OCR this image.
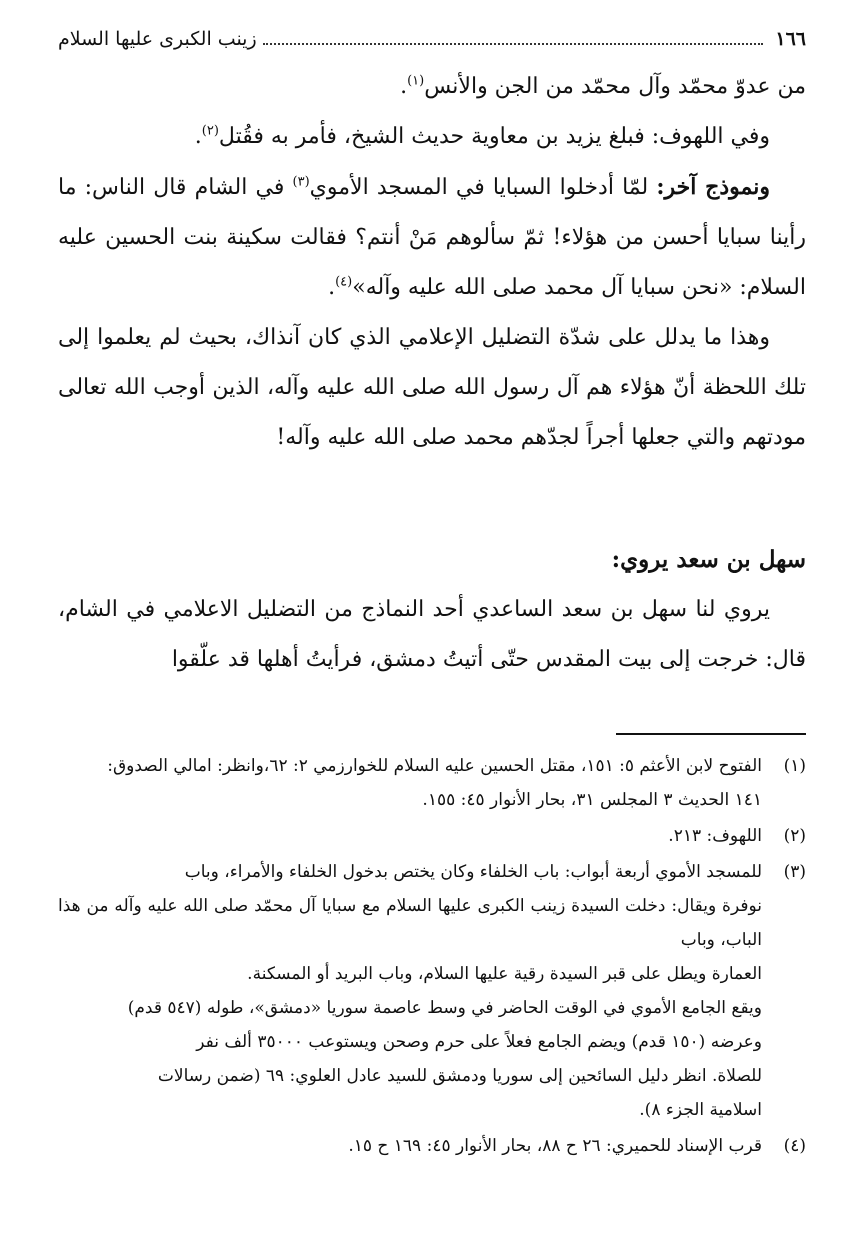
١٦٦
زينب الكبرى عليها السلام

من عدوّ محمّد وآل محمّد من الجن والأنس$^{(١)}$.

وفي اللهوف: فبلغ يزيد بن معاوية حديث الشيخ، فأمر به فقُتل$^{(٢)}$.

ونموذج آخر: لمّا أدخلوا السبايا في المسجد الأموي$^{(٣)}$ في الشام قال الناس: ما رأينا سبايا أحسن من هؤلاء! ثمّ سألوهم مَنْ أنتم؟ فقالت سكينة بنت الحسين عليه السلام: «نحن سبايا آل محمد صلى الله عليه وآله»$^{(٤)}$.

وهذا ما يدلل على شدّة التضليل الإعلامي الذي كان آنذاك، بحيث لم يعلموا إلى تلك اللحظة أنّ هؤلاء هم آل رسول الله صلى الله عليه وآله، الذين أوجب الله تعالى مودتهم والتي جعلها أجراً لجدّهم محمد صلى الله عليه وآله!

سهل بن سعد يروي:

يروي لنا سهل بن سعد الساعدي أحد النماذج من التضليل الاعلامي في الشام، قال: خرجت إلى بيت المقدس حتّى أتيتُ دمشق، فرأيتُ أهلها قد علّقوا

(١)
الفتوح لابن الأعثم ٥: ١٥١، مقتل الحسين عليه السلام للخوارزمي ٢: ٦٢،وانظر: امالي الصدوق:
١٤١ الحديث ٣ المجلس ٣١، بحار الأنوار ٤٥: ١٥٥.
(٢)
اللهوف: ٢١٣.
(٣)
للمسجد الأموي أربعة أبواب: باب الخلفاء وكان يختص بدخول الخلفاء والأمراء، وباب
نوفرة ويقال: دخلت السيدة زينب الكبرى عليها السلام مع سبايا آل محمّد صلى الله عليه وآله من هذا الباب، وباب
العمارة ويطل على قبر السيدة رقية عليها السلام، وباب البريد أو المسكنة.
ويقع الجامع الأموي في الوقت الحاضر في وسط عاصمة سوريا «دمشق»، طوله (٥٤٧ قدم)
وعرضه (١٥٠ قدم) ويضم الجامع فعلاً على حرم وصحن ويستوعب ٣٥٠٠٠ ألف نفر
للصلاة. انظر دليل السائحين إلى سوريا ودمشق للسيد عادل العلوي: ٦٩ (ضمن رسالات
اسلامية الجزء ٨).
(٤)
قرب الإسناد للحميري: ٢٦ ح ٨٨، بحار الأنوار ٤٥: ١٦٩ ح ١٥.
